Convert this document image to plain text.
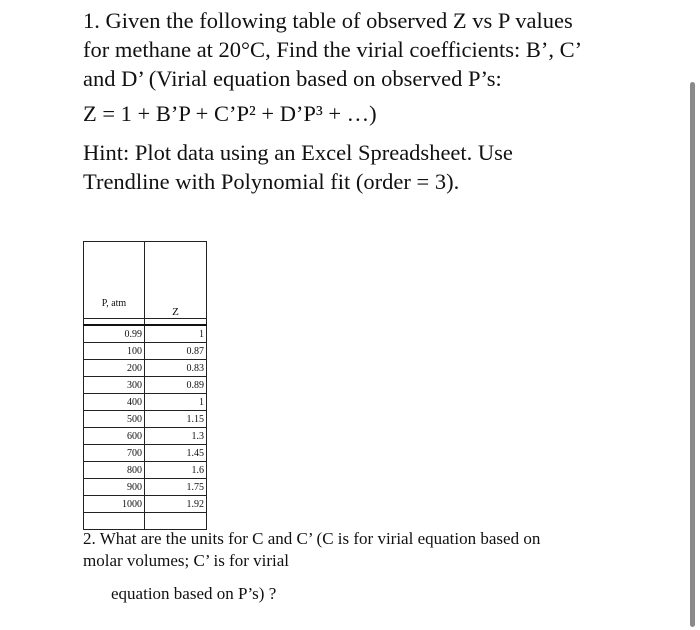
1. Given the following table of observed Z vs P values
for methane at 20°C, Find the virial coefficients: B’, C’
and D’ (Virial equation based on observed P’s:
Z = 1 + B’P + C’P² + D’P³ + …)
Hint: Plot data using an Excel Spreadsheet. Use
Trendline with Polynomial fit (order = 3).
P, atm	Z

0.99	1
100	0.87
200	0.83
300	0.89
400	1
500	1.15
600	1.3
700	1.45
800	1.6
900	1.75
1000	1.92

2. What are the units for C and C’ (C is for virial equation based on
molar volumes; C’ is for virial
equation based on P’s) ?
